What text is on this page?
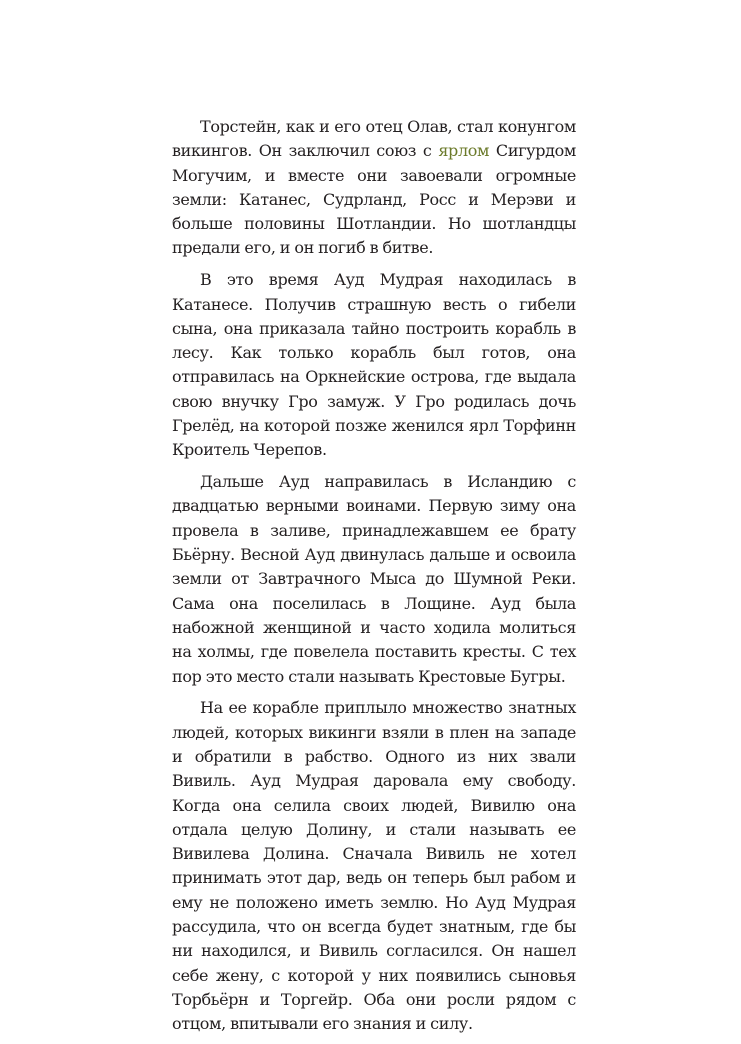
Торстейн, как и его отец Олав, стал конунгом викингов. Он заключил союз с ярлом Сигурдом Могучим, и вместе они завоевали огромные земли: Катанес, Судрланд, Росс и Мерэви и больше половины Шотландии. Но шотландцы предали его, и он погиб в битве.

В это время Ауд Мудрая находилась в Катанесе. Получив страшную весть о гибели сына, она приказала тайно построить корабль в лесу. Как только корабль был готов, она отправилась на Оркнейские острова, где выдала свою внучку Гро замуж. У Гро родилась дочь Грелёд, на которой позже женился ярл Торфинн Кроитель Черепов.

Дальше Ауд направилась в Исландию с двадцатью верными воинами. Первую зиму она провела в заливе, принадлежавшем ее брату Бьёрну. Весной Ауд двинулась дальше и освоила земли от Завтрачного Мыса до Шумной Реки. Сама она поселилась в Лощине. Ауд была набожной женщиной и часто ходила молиться на холмы, где повелела поставить кресты. С тех пор это место стали называть Крестовые Бугры.

На ее корабле приплыло множество знатных людей, которых викинги взяли в плен на западе и обратили в рабство. Одного из них звали Вивиль. Ауд Мудрая даровала ему свободу. Когда она селила своих людей, Вивилю она отдала целую Долину, и стали называть ее Вивилева Долина. Сначала Вивиль не хотел принимать этот дар, ведь он теперь был рабом и ему не положено иметь землю. Но Ауд Мудрая рассудила, что он всегда будет знатным, где бы ни находился, и Вивиль согласился. Он нашел себе жену, с которой у них появились сыновья Торбьёрн и Торгейр. Оба они росли рядом с отцом, впитывали его знания и силу.
